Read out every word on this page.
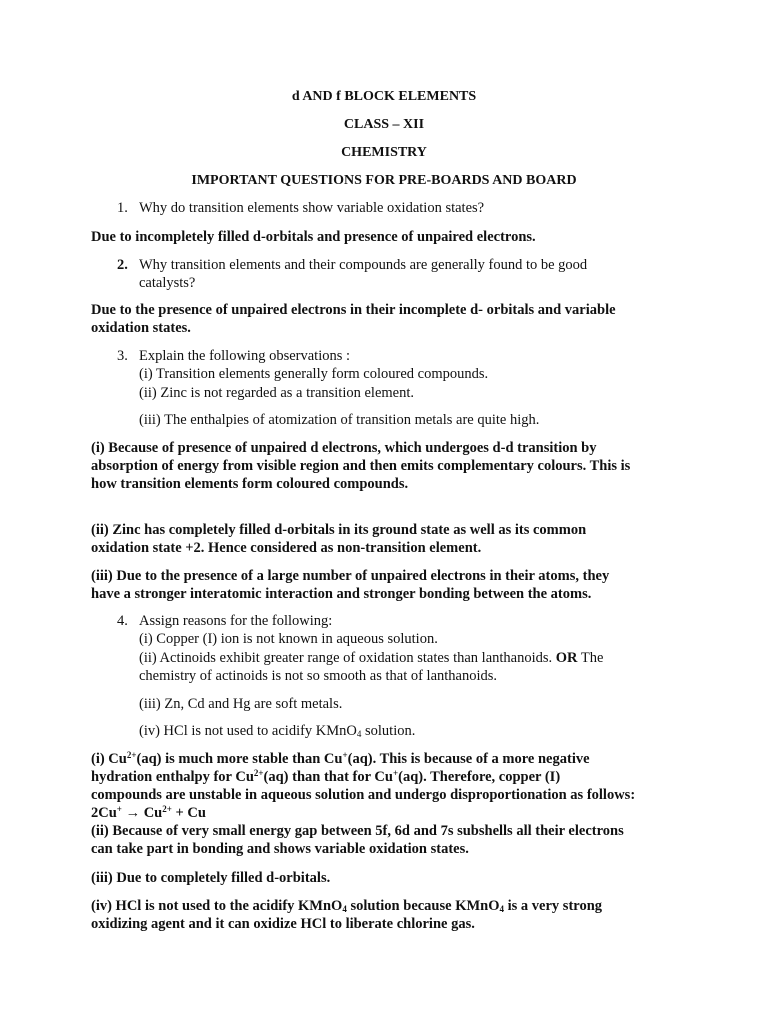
d AND f BLOCK ELEMENTS
CLASS – XII
CHEMISTRY
IMPORTANT QUESTIONS FOR PRE-BOARDS AND BOARD
1. Why do transition elements show variable oxidation states?
Due to incompletely filled d-orbitals and presence of unpaired electrons.
2. Why transition elements and their compounds are generally found to be good
catalysts?
Due to the presence of unpaired electrons in their incomplete d- orbitals and variable
oxidation states.
3. Explain the following observations :
(i) Transition elements generally form coloured compounds.
(ii) Zinc is not regarded as a transition element.
(iii) The enthalpies of atomization of transition metals are quite high.
(i) Because of presence of unpaired d electrons, which undergoes d-d transition by
absorption of energy from visible region and then emits complementary colours. This is
how transition elements form coloured compounds.
(ii) Zinc has completely filled d-orbitals in its ground state as well as its common
oxidation state +2. Hence considered as non-transition element.
(iii) Due to the presence of a large number of unpaired electrons in their atoms, they
have a stronger interatomic interaction and stronger bonding between the atoms.
4. Assign reasons for the following:
(i) Copper (I) ion is not known in aqueous solution.
(ii) Actinoids exhibit greater range of oxidation states than lanthanoids. OR The
chemistry of actinoids is not so smooth as that of lanthanoids.
(iii) Zn, Cd and Hg are soft metals.
(iv) HCl is not used to acidify KMnO$_4$ solution.
(i) $Cu^{2+}(aq)$ is much more stable than Cu+(aq). This is because of a more negative
hydration enthalpy for $Cu^{2+}(aq)$ than that for Cu+(aq). Therefore, copper (I)
compounds are unstable in aqueous solution and undergo disproportionation as follows:
$2Cu^+ \to Cu^{2+} + Cu$
(ii) Because of very small energy gap between 5f, 6d and 7s subshells all their electrons
can take part in bonding and shows variable oxidation states.
(iii) Due to completely filled d-orbitals.
(iv) HCl is not used to the acidify KMnO$_4$ solution because KMnO$_4$ is a very strong
oxidizing agent and it can oxidize HCl to liberate chlorine gas.
